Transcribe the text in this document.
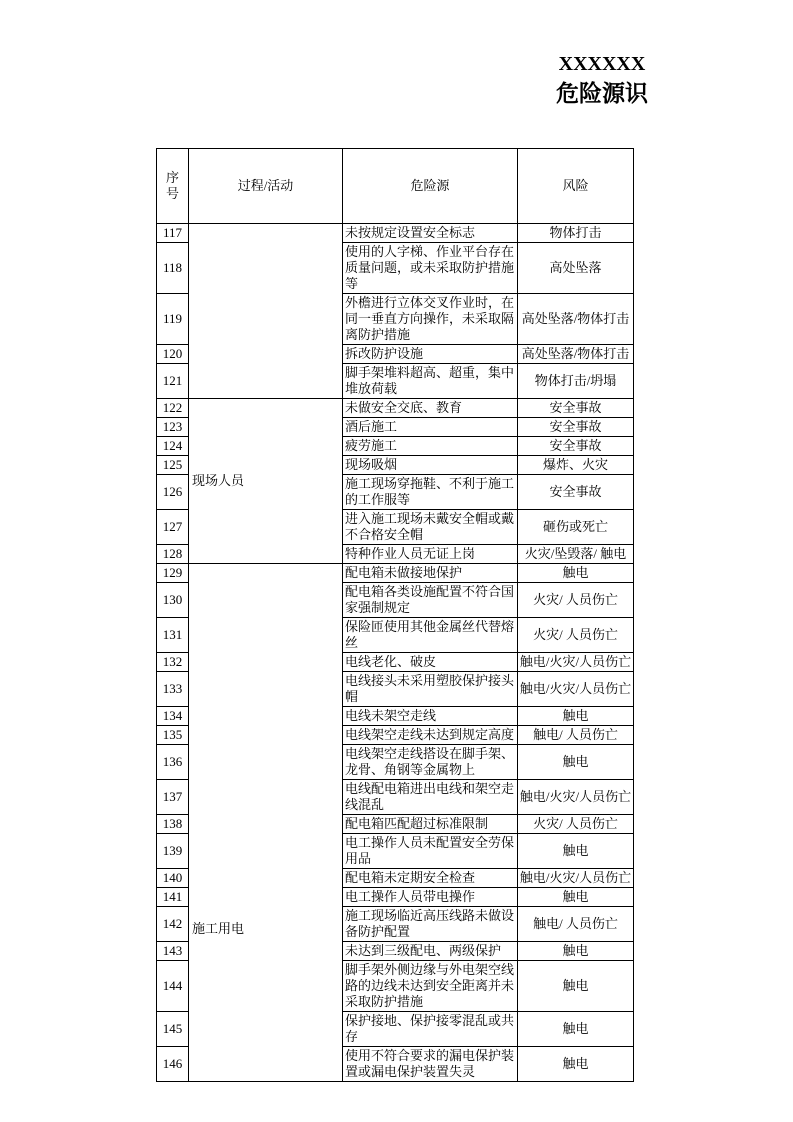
XXXXXX
危险源识
序号	过程/活动	危险源	风险
117		未按规定设置安全标志	物体打击
118		使用的人字梯、作业平台存在质量问题，或未采取防护措施等	高处坠落
119		外檐进行立体交叉作业时，在同一垂直方向操作，未采取隔离防护措施	高处坠落/物体打击
120		拆改防护设施	高处坠落/物体打击
121		脚手架堆料超高、超重，集中堆放荷载	物体打击/坍塌
122	现场人员	未做安全交底、教育	安全事故
123		酒后施工	安全事故
124		疲劳施工	安全事故
125		现场吸烟	爆炸、火灾
126		施工现场穿拖鞋、不利于施工的工作服等	安全事故
127		进入施工现场未戴安全帽或戴不合格安全帽	砸伤或死亡
128		特种作业人员无证上岗	火灾/坠毁落/ 触电
129	施工用电	配电箱未做接地保护	触电
130		配电箱各类设施配置不符合国家强制规定	火灾/ 人员伤亡
131		保险匝使用其他金属丝代替熔丝	火灾/ 人员伤亡
132		电线老化、破皮	触电/火灾/人员伤亡
133		电线接头未采用塑胶保护接头帽	触电/火灾/人员伤亡
134		电线未架空走线	触电
135		电线架空走线未达到规定高度	触电/ 人员伤亡
136		电线架空走线搭设在脚手架、龙骨、角钢等金属物上	触电
137		电线配电箱进出电线和架空走线混乱	触电/火灾/人员伤亡
138		配电箱匹配超过标准限制	火灾/ 人员伤亡
139		电工操作人员未配置安全劳保用品	触电
140		配电箱未定期安全检查	触电/火灾/人员伤亡
141		电工操作人员带电操作	触电
142		施工现场临近高压线路未做设备防护配置	触电/ 人员伤亡
143		未达到三级配电、两级保护	触电
144		脚手架外侧边缘与外电架空线路的边线未达到安全距离并未采取防护措施	触电
145		保护接地、保护接零混乱或共存	触电
146		使用不符合要求的漏电保护装置或漏电保护装置失灵	触电
